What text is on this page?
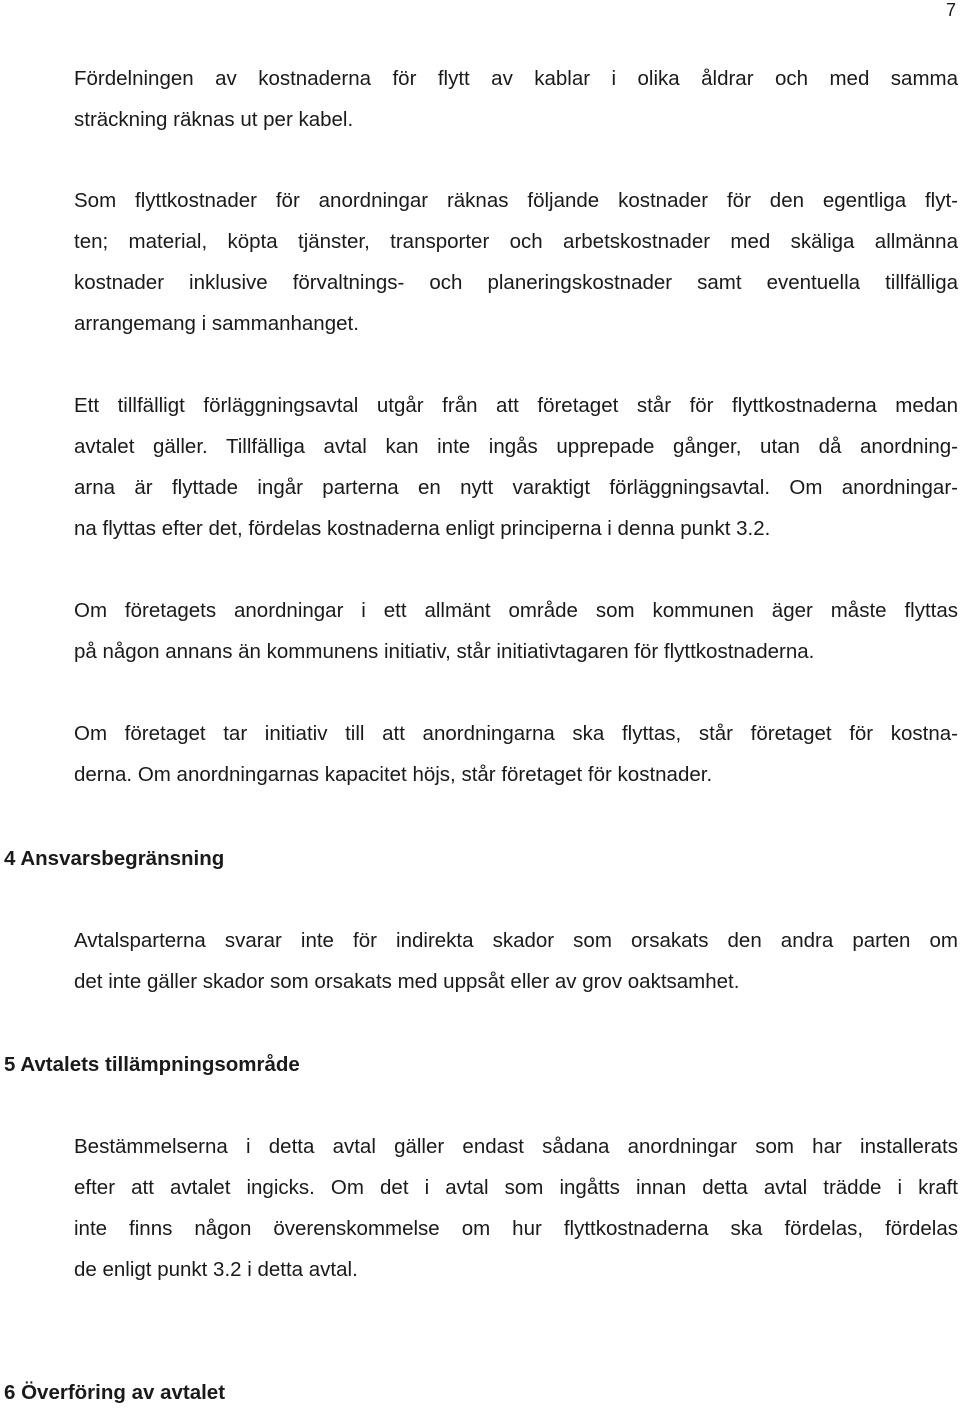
7

Fördelningen av kostnaderna för flytt av kablar i olika åldrar och med samma
sträckning räknas ut per kabel.

Som flyttkostnader för anordningar räknas följande kostnader för den egentliga flyt-
ten; material, köpta tjänster, transporter och arbetskostnader med skäliga allmänna
kostnader inklusive förvaltnings- och planeringskostnader samt eventuella tillfälliga
arrangemang i sammanhanget.

Ett tillfälligt förläggningsavtal utgår från att företaget står för flyttkostnaderna medan
avtalet gäller. Tillfälliga avtal kan inte ingås upprepade gånger, utan då anordning-
arna är flyttade ingår parterna en nytt varaktigt förläggningsavtal. Om anordningar-
na flyttas efter det, fördelas kostnaderna enligt principerna i denna punkt 3.2.

Om företagets anordningar i ett allmänt område som kommunen äger måste flyttas
på någon annans än kommunens initiativ, står initiativtagaren för flyttkostnaderna.

Om företaget tar initiativ till att anordningarna ska flyttas, står företaget för kostna-
derna. Om anordningarnas kapacitet höjs, står företaget för kostnader.

4 Ansvarsbegränsning

Avtalsparterna svarar inte för indirekta skador som orsakats den andra parten om
det inte gäller skador som orsakats med uppsåt eller av grov oaktsamhet.

5 Avtalets tillämpningsområde

Bestämmelserna i detta avtal gäller endast sådana anordningar som har installerats
efter att avtalet ingicks. Om det i avtal som ingåtts innan detta avtal trädde i kraft
inte finns någon överenskommelse om hur flyttkostnaderna ska fördelas, fördelas
de enligt punkt 3.2 i detta avtal.

6 Överföring av avtalet
